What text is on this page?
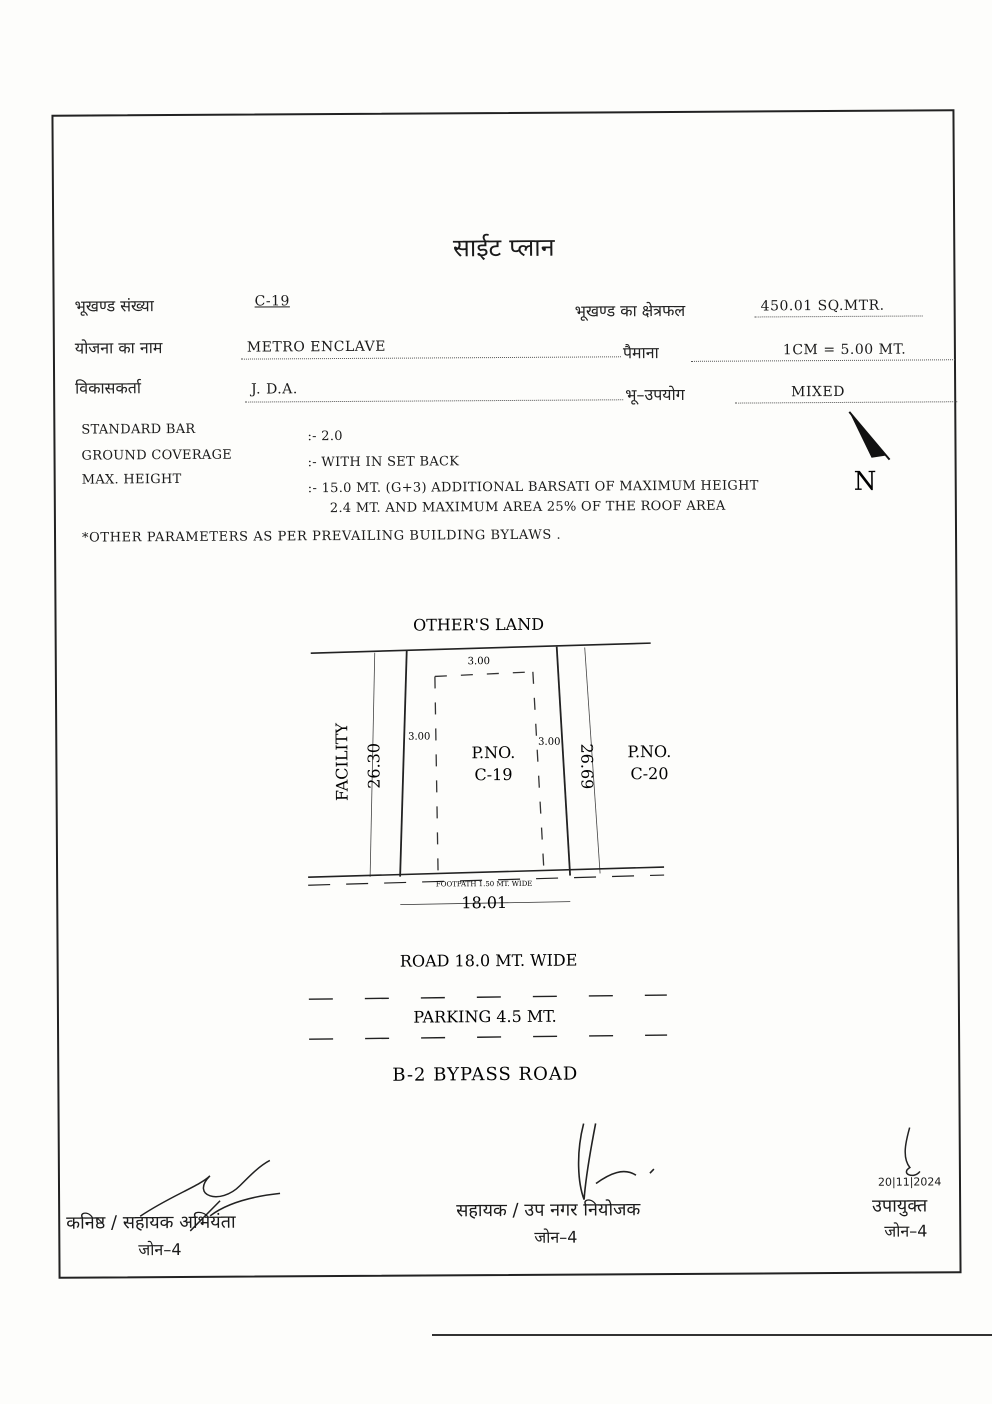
साईट प्लान
भूखण्ड संख्या	C-19	भूखण्ड का क्षेत्रफल	450.01 SQ.MTR.
योजना का नाम	METRO ENCLAVE	पैमाना	1CM = 5.00 MT.
विकासकर्ता	J. D.A.	भू–उपयोग	MIXED
STANDARD BAR	:- 2.0
GROUND COVERAGE	:- WITH IN SET BACK
MAX. HEIGHT	:- 15.0 MT. (G+3) ADDITIONAL BARSATI OF MAXIMUM HEIGHT
2.4 MT. AND MAXIMUM AREA 25% OF THE ROOF AREA
*OTHER PARAMETERS AS PER PREVAILING BUILDING BYLAWS .
N
OTHER'S LAND
3.00
3.00	3.00
FACILITY 26.30	26.69
P.NO.
C-19
P.NO.
C-20
FOOTPATH 1.50 MT. WIDE
18.01
ROAD 18.0 MT. WIDE
PARKING 4.5 MT.
B-2 BYPASS ROAD
कनिष्ठ / सहायक अभियंता
जोन–4
सहायक / उप नगर नियोजक
जोन–4
20|11|2024
उपायुक्त
जोन–4
